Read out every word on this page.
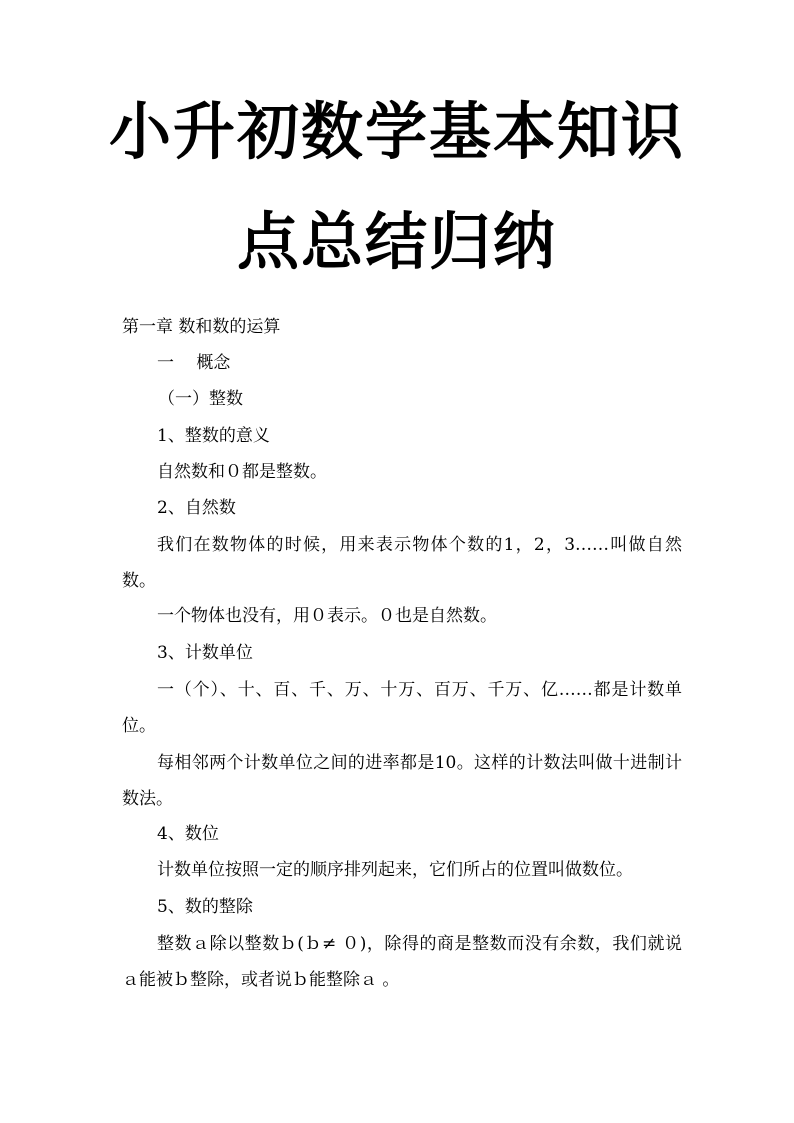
小升初数学基本知识
点总结归纳

第一章 数和数的运算

一　 概念

（一）整数

1、整数的意义

自然数和０都是整数。

2、自然数

我们在数物体的时候，用来表示物体个数的1，2，3……叫做自然数。

一个物体也没有，用０表示。０也是自然数。

3、计数单位

一（个）、十、百、千、万、十万、百万、千万、亿……都是计数单位。

每相邻两个计数单位之间的进率都是10。这样的计数法叫做十进制计数法。

4、数位

计数单位按照一定的顺序排列起来，它们所占的位置叫做数位。

5、数的整除

整数ａ除以整数ｂ(ｂ≠ ０)，除得的商是整数而没有余数，我们就说ａ能被ｂ整除，或者说ｂ能整除ａ 。
